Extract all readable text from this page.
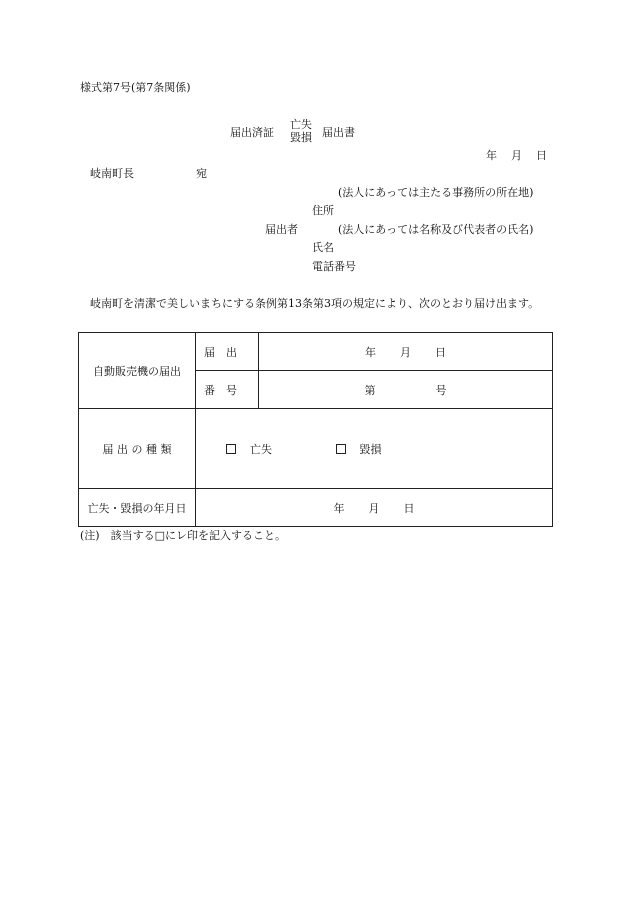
様式第7号(第7条関係)
届出済証
亡失
毀損 届出書
年 月 日
岐南町長	宛
(法人にあっては主たる事務所の所在地)
住所
届出者	(法人にあっては名称及び代表者の氏名)
氏名
電話番号
岐南町を清潔で美しいまちにする条例第13条第3項の規定により、次のとおり届け出ます。
自動販売機の届出	届　出	年 月 日

	番　号	第 号

届 出 の 種 類	亡失 毀損	
亡失・毀損の年月日	年 月 日	
(注)　該当する□にレ印を記入すること。
